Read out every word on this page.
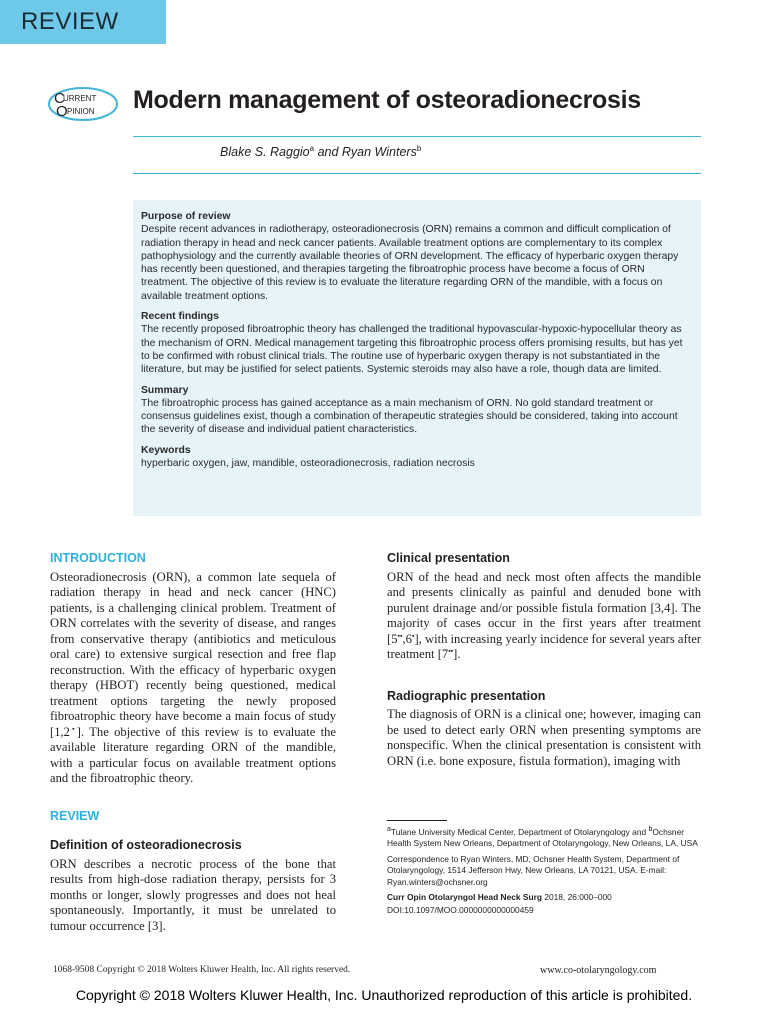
REVIEW
C
URRENT
O PINION Modern management of osteoradionecrosis
Blake S. Raggio$^a$ and Ryan Winters$^b$
Purpose of review

Despite recent advances in radiotherapy, osteoradionecrosis (ORN) remains a common and difficult complication of radiation therapy in head and neck cancer patients. Available treatment options are complementary to its complex pathophysiology and the currently available theories of ORN development. The efficacy of hyperbaric oxygen therapy has recently been questioned, and therapies targeting the fibroatrophic process have become a focus of ORN treatment. The objective of this review is to evaluate the literature regarding ORN of the mandible, with a focus on available treatment options.

Recent findings

The recently proposed fibroatrophic theory has challenged the traditional hypovascular-hypoxic-hypocellular theory as the mechanism of ORN. Medical management targeting this fibroatrophic process offers promising results, but has yet to be confirmed with robust clinical trials. The routine use of hyperbaric oxygen therapy is not substantiated in the literature, but may be justified for select patients. Systemic steroids may also have a role, though data are limited.

Summary

The fibroatrophic process has gained acceptance as a main mechanism of ORN. No gold standard treatment or consensus guidelines exist, though a combination of therapeutic strategies should be considered, taking into account the severity of disease and individual patient characteristics.

Keywords

hyperbaric oxygen, jaw, mandible, osteoradionecrosis, radiation necrosis

INTRODUCTION

Osteoradionecrosis (ORN), a common late sequela of radiation therapy in head and neck cancer (HNC) patients, is a challenging clinical problem. Treatment of ORN correlates with the severity of disease, and ranges from conservative therapy (antibiotics and meticulous oral care) to extensive surgical resection and free flap reconstruction. With the efficacy of hyperbaric oxygen therapy (HBOT) recently being questioned, medical treatment options targeting the newly proposed fibroatrophic theory have become a main focus of study [1,2▪]. The objective of this review is to evaluate the available literature regarding ORN of the mandible, with a particular focus on available treatment options and the fibroatrophic theory.

REVIEW
Definition of osteoradionecrosis

ORN describes a necrotic process of the bone that results from high-dose radiation therapy, persists for 3 months or longer, slowly progresses and does not heal spontaneously. Importantly, it must be unrelated to tumour occurrence [3].

Clinical presentation

ORN of the head and neck most often affects the mandible and presents clinically as painful and denuded bone with purulent drainage and/or possible fistula formation [3,4]. The majority of cases occur in the first years after treatment [5▪▪,6▪], with increasing yearly incidence for several years after treatment [7▪▪].

Radiographic presentation

The diagnosis of ORN is a clinical one; however, imaging can be used to detect early ORN when presenting symptoms are nonspecific. When the clinical presentation is consistent with ORN (i.e. bone exposure, fistula formation), imaging with

$^a$Tulane University Medical Center, Department of Otolaryngology and $^b$Ochsner Health System New Orleans, Department of Otolaryngology, New Orleans, LA, USA

Correspondence to Ryan Winters, MD, Ochsner Health System, Department of Otolaryngology, 1514 Jefferson Hwy, New Orleans, LA 70121, USA. E-mail: Ryan.winters@ochsner.org

Curr Opin Otolaryngol Head Neck Surg 2018, 26:000–000

DOI:10.1097/MOO.0000000000000459

1068-9508 Copyright © 2018 Wolters Kluwer Health, Inc. All rights reserved.	www.co-otolaryngology.com
Copyright © 2018 Wolters Kluwer Health, Inc. Unauthorized reproduction of this article is prohibited.
